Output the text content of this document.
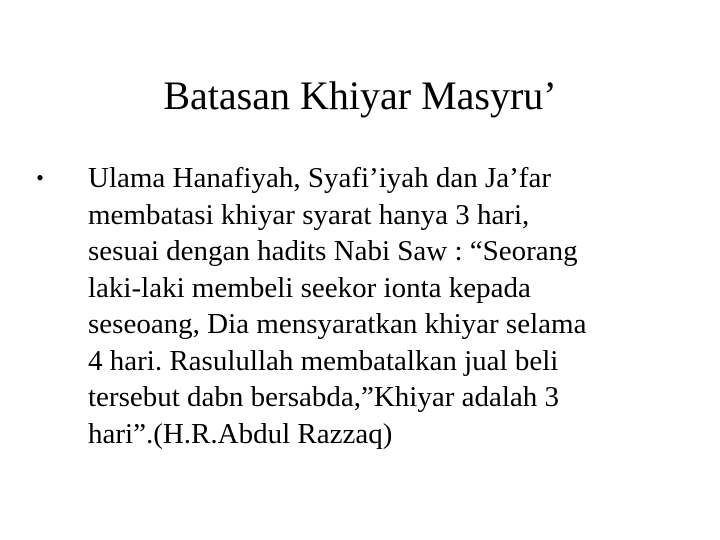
Batasan Khiyar Masyru’
• Ulama Hanafiyah, Syafi’iyah dan Ja’far
membatasi khiyar syarat hanya 3 hari,
sesuai dengan hadits Nabi Saw : “Seorang
laki-laki membeli seekor ionta kepada
seseoang, Dia mensyaratkan khiyar selama
4 hari. Rasulullah membatalkan jual beli
tersebut dabn bersabda,”Khiyar adalah 3
hari”.(H.R.Abdul Razzaq)
